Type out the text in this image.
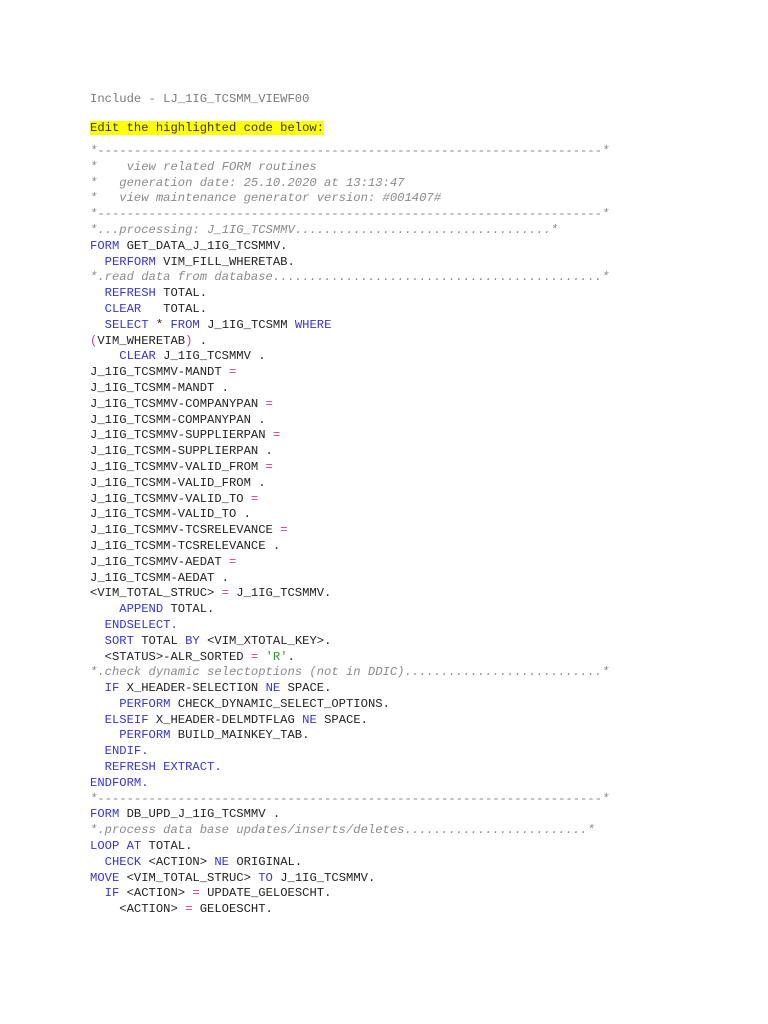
Include - LJ_1IG_TCSMM_VIEWF00
Edit the highlighted code below:
*---------------------------------------------------------------------*
*    view related FORM routines
*   generation date: 25.10.2020 at 13:13:47
*   view maintenance generator version: #001407#
*---------------------------------------------------------------------*
*...processing: J_1IG_TCSMMV...................................*
FORM GET_DATA_J_1IG_TCSMMV.
PERFORM VIM_FILL_WHERETAB.
*.read data from database.............................................*
REFRESH TOTAL.
CLEAR   TOTAL.
SELECT * FROM J_1IG_TCSMM WHERE
(VIM_WHERETAB) .
CLEAR J_1IG_TCSMMV .
J_1IG_TCSMMV-MANDT =
J_1IG_TCSMM-MANDT .
J_1IG_TCSMMV-COMPANYPAN =
J_1IG_TCSMM-COMPANYPAN .
J_1IG_TCSMMV-SUPPLIERPAN =
J_1IG_TCSMM-SUPPLIERPAN .
J_1IG_TCSMMV-VALID_FROM =
J_1IG_TCSMM-VALID_FROM .
J_1IG_TCSMMV-VALID_TO =
J_1IG_TCSMM-VALID_TO .
J_1IG_TCSMMV-TCSRELEVANCE =
J_1IG_TCSMM-TCSRELEVANCE .
J_1IG_TCSMMV-AEDAT =
J_1IG_TCSMM-AEDAT .
<VIM_TOTAL_STRUC> = J_1IG_TCSMMV.
APPEND TOTAL.
ENDSELECT.
SORT TOTAL BY <VIM_XTOTAL_KEY>.
<STATUS>-ALR_SORTED = 'R'.
*.check dynamic selectoptions (not in DDIC)...........................*
IF X_HEADER-SELECTION NE SPACE.
PERFORM CHECK_DYNAMIC_SELECT_OPTIONS.
ELSEIF X_HEADER-DELMDTFLAG NE SPACE.
PERFORM BUILD_MAINKEY_TAB.
ENDIF.
REFRESH EXTRACT.
ENDFORM.
*---------------------------------------------------------------------*
FORM DB_UPD_J_1IG_TCSMMV .
*.process data base updates/inserts/deletes.........................*
LOOP AT TOTAL.
CHECK <ACTION> NE ORIGINAL.
MOVE <VIM_TOTAL_STRUC> TO J_1IG_TCSMMV.
IF <ACTION> = UPDATE_GELOESCHT.
<ACTION> = GELOESCHT.
